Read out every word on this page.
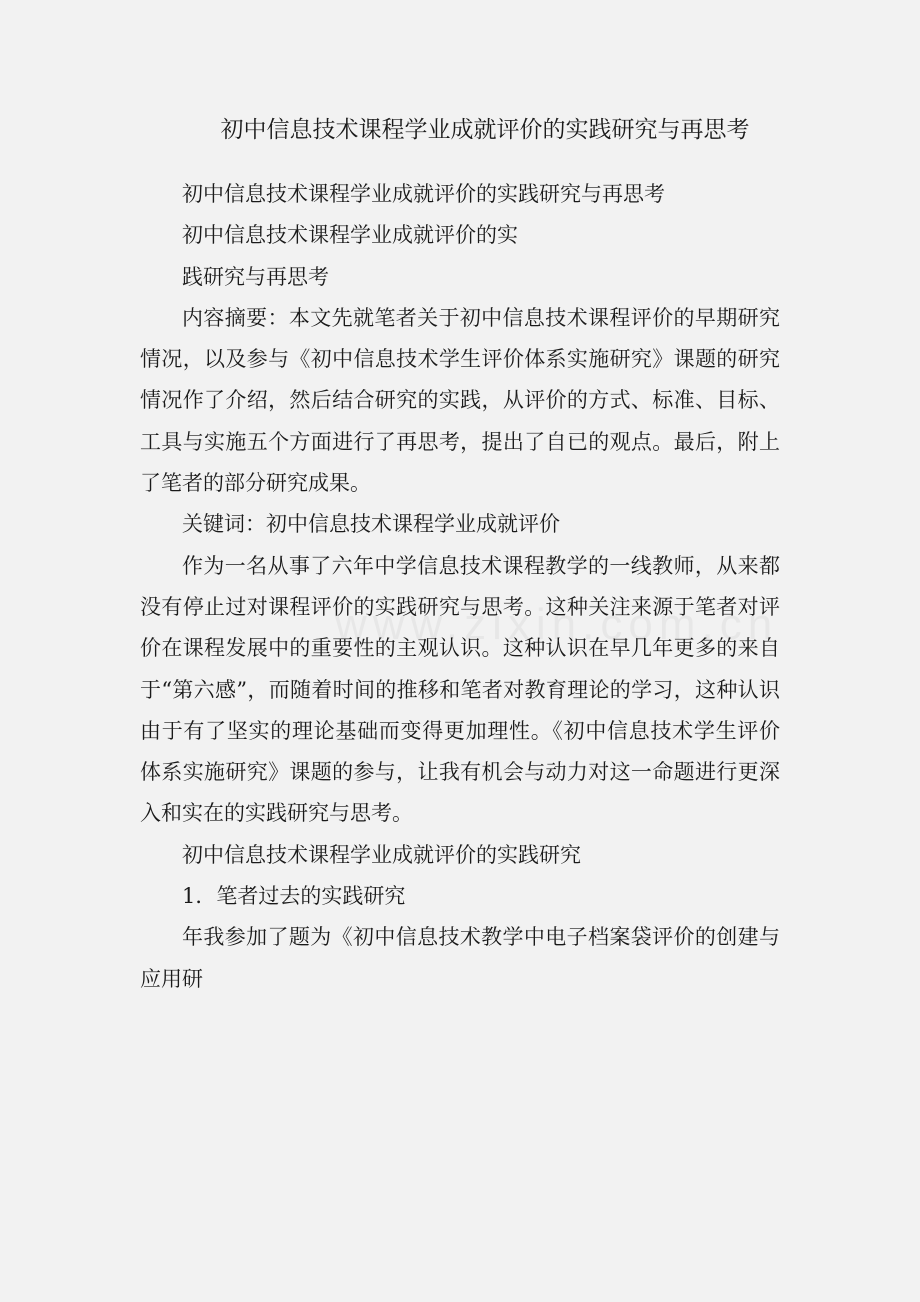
初中信息技术课程学业成就评价的实践研究与再思考

初中信息技术课程学业成就评价的实践研究与再思考

初中信息技术课程学业成就评价的实

践研究与再思考

内容摘要：本文先就笔者关于初中信息技术课程评价的早期研究情况，以及参与《初中信息技术学生评价体系实施研究》课题的研究情况作了介绍，然后结合研究的实践，从评价的方式、标准、目标、工具与实施五个方面进行了再思考，提出了自已的观点。最后，附上了笔者的部分研究成果。

关键词：初中信息技术课程学业成就评价

作为一名从事了六年中学信息技术课程教学的一线教师，从来都没有停止过对课程评价的实践研究与思考。这种关注来源于笔者对评价在课程发展中的重要性的主观认识。这种认识在早几年更多的来自于“第六感”，而随着时间的推移和笔者对教育理论的学习，这种认识由于有了坚实的理论基础而变得更加理性。《初中信息技术学生评价体系实施研究》课题的参与，让我有机会与动力对这一命题进行更深入和实在的实践研究与思考。

初中信息技术课程学业成就评价的实践研究

1．笔者过去的实践研究

年我参加了题为《初中信息技术教学中电子档案袋评价的创建与应用研
